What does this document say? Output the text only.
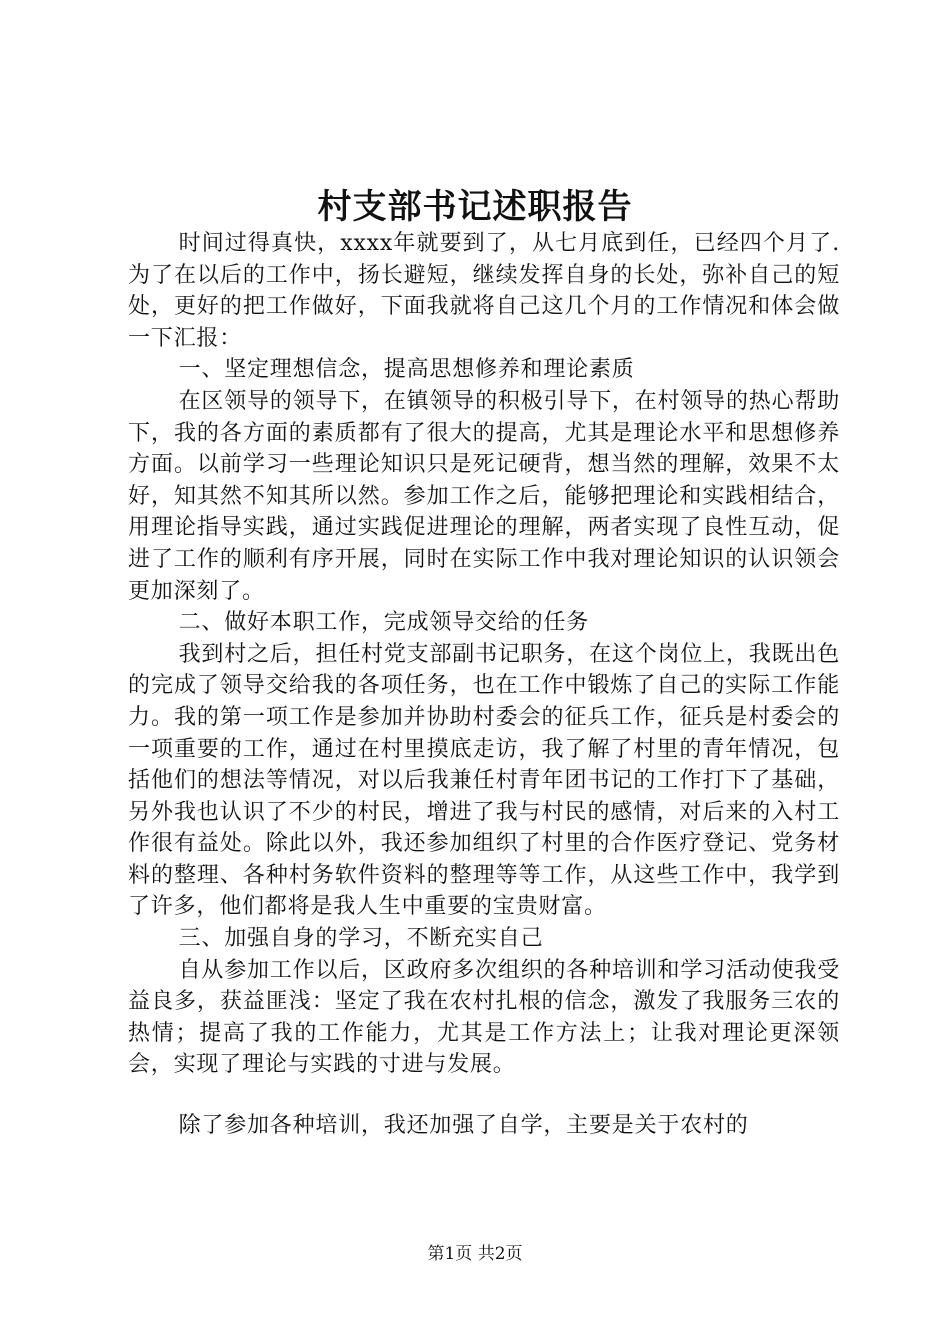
村支部书记述职报告

时间过得真快，xxxx年就要到了，从七月底到任，已经四个月了.为了在以后的工作中，扬长避短，继续发挥自身的长处，弥补自己的短处，更好的把工作做好，下面我就将自己这几个月的工作情况和体会做一下汇报：

一、坚定理想信念，提高思想修养和理论素质

在区领导的领导下，在镇领导的积极引导下，在村领导的热心帮助下，我的各方面的素质都有了很大的提高，尤其是理论水平和思想修养方面。以前学习一些理论知识只是死记硬背，想当然的理解，效果不太好，知其然不知其所以然。参加工作之后，能够把理论和实践相结合，用理论指导实践，通过实践促进理论的理解，两者实现了良性互动，促进了工作的顺利有序开展，同时在实际工作中我对理论知识的认识领会更加深刻了。

二、做好本职工作，完成领导交给的任务

我到村之后，担任村党支部副书记职务，在这个岗位上，我既出色的完成了领导交给我的各项任务，也在工作中锻炼了自己的实际工作能力。我的第一项工作是参加并协助村委会的征兵工作，征兵是村委会的一项重要的工作，通过在村里摸底走访，我了解了村里的青年情况，包括他们的想法等情况，对以后我兼任村青年团书记的工作打下了基础，另外我也认识了不少的村民，增进了我与村民的感情，对后来的入村工作很有益处。除此以外，我还参加组织了村里的合作医疗登记、党务材料的整理、各种村务软件资料的整理等等工作，从这些工作中，我学到了许多，他们都将是我人生中重要的宝贵财富。

三、加强自身的学习，不断充实自己

自从参加工作以后，区政府多次组织的各种培训和学习活动使我受益良多，获益匪浅：坚定了我在农村扎根的信念，激发了我服务三农的热情；提高了我的工作能力，尤其是工作方法上；让我对理论更深领会，实现了理论与实践的寸进与发展。

除了参加各种培训，我还加强了自学，主要是关于农村的

第1页 共2页
